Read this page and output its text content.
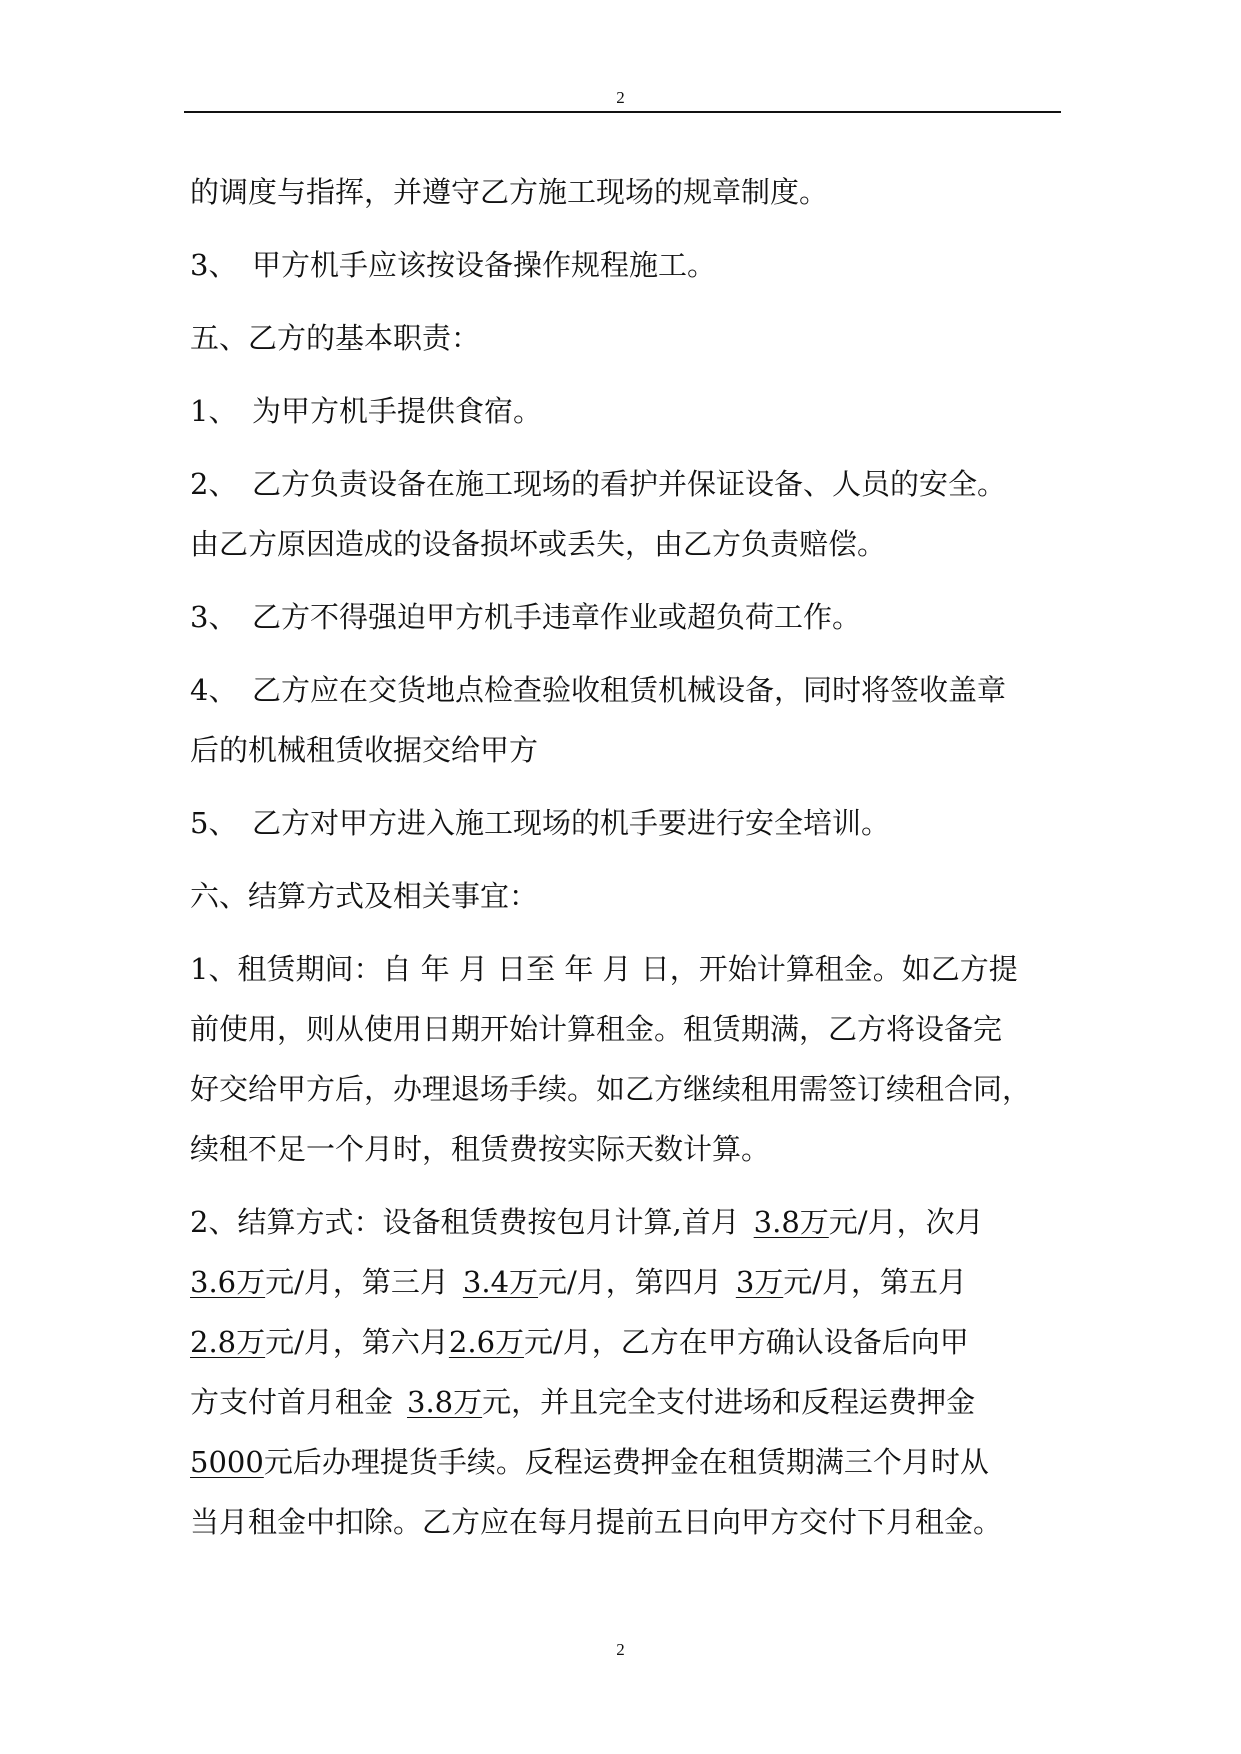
2

的调度与指挥，并遵守乙方施工现场的规章制度。

3、　甲方机手应该按设备操作规程施工。

五、乙方的基本职责：

1、　为甲方机手提供食宿。

2、　乙方负责设备在施工现场的看护并保证设备、人员的安全。

由乙方原因造成的设备损坏或丢失，由乙方负责赔偿。

3、　乙方不得强迫甲方机手违章作业或超负荷工作。

4、　乙方应在交货地点检查验收租赁机械设备，同时将签收盖章

后的机械租赁收据交给甲方

5、　乙方对甲方进入施工现场的机手要进行安全培训。

六、结算方式及相关事宜：

1、租赁期间：自 年 月 日至 年 月 日，开始计算租金。如乙方提

前使用，则从使用日期开始计算租金。租赁期满，乙方将设备完

好交给甲方后，办理退场手续。如乙方继续租用需签订续租合同，

续租不足一个月时，租赁费按实际天数计算。

2、结算方式：设备租赁费按包月计算,首月 3.8万元/月，次月

3.6万元/月，第三月 3.4万元/月，第四月 3万元/月，第五月

2.8万元/月，第六月2.6万元/月，乙方在甲方确认设备后向甲

方支付首月租金 3.8万元，并且完全支付进场和反程运费押金

5000元后办理提货手续。反程运费押金在租赁期满三个月时从

当月租金中扣除。乙方应在每月提前五日向甲方交付下月租金。

2
